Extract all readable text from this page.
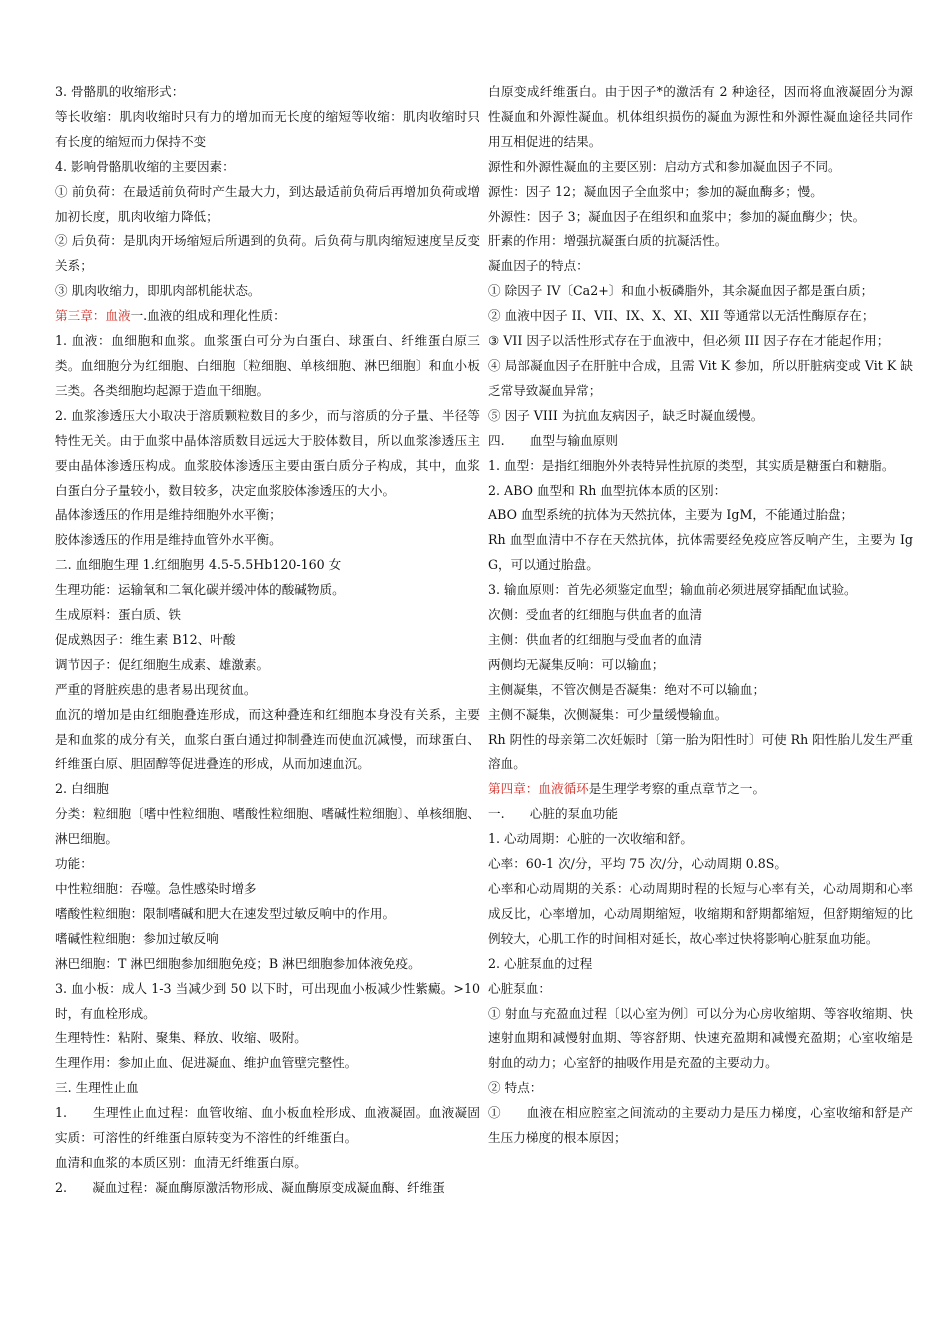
3. 骨骼肌的收缩形式：

等长收缩：肌肉收缩时只有力的增加而无长度的缩短等收缩：肌肉收缩时只有长度的缩短而力保持不变

4. 影响骨骼肌收缩的主要因素：

① 前负荷：在最适前负荷时产生最大力，到达最适前负荷后再增加负荷或增加初长度，肌肉收缩力降低；

② 后负荷：是肌肉开场缩短后所遇到的负荷。后负荷与肌肉缩短速度呈反变关系；

③ 肌肉收缩力，即肌肉部机能状态。

第三章：血液一.血液的组成和理化性质：

1. 血液：血细胞和血浆。血浆蛋白可分为白蛋白、球蛋白、纤维蛋白原三类。血细胞分为红细胞、白细胞〔粒细胞、单核细胞、淋巴细胞〕和血小板三类。各类细胞均起源于造血干细胞。

2. 血浆渗透压大小取决于溶质颗粒数目的多少，而与溶质的分子量、半径等特性无关。由于血浆中晶体溶质数目远远大于胶体数目，所以血浆渗透压主要由晶体渗透压构成。血浆胶体渗透压主要由蛋白质分子构成，其中，血浆白蛋白分子量较小，数目较多，决定血浆胶体渗透压的大小。

晶体渗透压的作用是维持细胞外水平衡；

胶体渗透压的作用是维持血管外水平衡。

二. 血细胞生理 1.红细胞男 4.5-5.5Hb120-160 女

生理功能：运输氧和二氧化碳并缓冲体的酸碱物质。

生成原料：蛋白质、铁

促成熟因子：维生素 B12、叶酸

调节因子：促红细胞生成素、雄激素。

严重的肾脏疾患的患者易出现贫血。

血沉的增加是由红细胞叠连形成，而这种叠连和红细胞本身没有关系，主要是和血浆的成分有关，血浆白蛋白通过抑制叠连而使血沉减慢，而球蛋白、纤维蛋白原、胆固醇等促进叠连的形成，从而加速血沉。

2. 白细胞

分类：粒细胞〔嗜中性粒细胞、嗜酸性粒细胞、嗜碱性粒细胞〕、单核细胞、淋巴细胞。

功能：

中性粒细胞：吞噬。急性感染时增多

嗜酸性粒细胞：限制嗜碱和肥大在速发型过敏反响中的作用。

嗜碱性粒细胞：参加过敏反响

淋巴细胞：T 淋巴细胞参加细胞免疫；B 淋巴细胞参加体液免疫。

3. 血小板：成人 1-3 当减少到 50 以下时，可出现血小板减少性紫癜。>10 时，有血栓形成。

生理特性：粘附、聚集、释放、收缩、吸附。

生理作用：参加止血、促进凝血、维护血管壁完整性。

三. 生理性止血

1.　　生理性止血过程：血管收缩、血小板血栓形成、血液凝固。血液凝固实质：可溶性的纤维蛋白原转变为不溶性的纤维蛋白。

血清和血浆的本质区别：血清无纤维蛋白原。

2.　　凝血过程：凝血酶原激活物形成、凝血酶原变成凝血酶、纤维蛋

白原变成纤维蛋白。由于因子*的激活有 2 种途径，因而将血液凝固分为源性凝血和外源性凝血。机体组织损伤的凝血为源性和外源性凝血途径共同作用互相促进的结果。

源性和外源性凝血的主要区别：启动方式和参加凝血因子不同。

源性：因子 12；凝血因子全血浆中；参加的凝血酶多；慢。

外源性：因子 3；凝血因子在组织和血浆中；参加的凝血酶少；快。

肝素的作用：增强抗凝蛋白质的抗凝活性。

凝血因子的特点：

① 除因子 IV〔Ca2+〕和血小板磷脂外，其余凝血因子都是蛋白质；

② 血液中因子 II、VII、IX、X、XI、XII 等通常以无活性酶原存在；

③ VII 因子以活性形式存在于血液中，但必须 III 因子存在才能起作用；

④ 局部凝血因子在肝脏中合成，且需 Vit K 参加，所以肝脏病变或 Vit K 缺乏常导致凝血异常；

⑤ 因子 VIII 为抗血友病因子，缺乏时凝血缓慢。

四.　　血型与输血原则

1. 血型：是指红细胞外外表特异性抗原的类型，其实质是糖蛋白和糖脂。

2. ABO 血型和 Rh 血型抗体本质的区别：

ABO 血型系统的抗体为天然抗体，主要为 IgM，不能通过胎盘；

Rh 血型血清中不存在天然抗体，抗体需要经免疫应答反响产生，主要为 IgG，可以通过胎盘。

3. 输血原则：首先必须鉴定血型；输血前必须进展穿插配血试验。

次侧：受血者的红细胞与供血者的血清

主侧：供血者的红细胞与受血者的血清

两侧均无凝集反响：可以输血；

主侧凝集，不管次侧是否凝集：绝对不可以输血；

主侧不凝集，次侧凝集：可少量缓慢输血。

Rh 阴性的母亲第二次妊娠时〔第一胎为阳性时〕可使 Rh 阳性胎儿发生严重溶血。

第四章：血液循环是生理学考察的重点章节之一。

一.　　心脏的泵血功能

1. 心动周期：心脏的一次收缩和舒。

心率：60-1 次/分，平均 75 次/分，心动周期 0.8S。

心率和心动周期的关系：心动周期时程的长短与心率有关，心动周期和心率成反比，心率增加，心动周期缩短，收缩期和舒期都缩短，但舒期缩短的比例较大，心肌工作的时间相对延长，故心率过快将影响心脏泵血功能。

2. 心脏泵血的过程

心脏泵血：

① 射血与充盈血过程〔以心室为例〕可以分为心房收缩期、等容收缩期、快速射血期和减慢射血期、等容舒期、快速充盈期和减慢充盈期；心室收缩是射血的动力；心室舒的抽吸作用是充盈的主要动力。

② 特点：

①　　血液在相应腔室之间流动的主要动力是压力梯度，心室收缩和舒是产生压力梯度的根本原因；
